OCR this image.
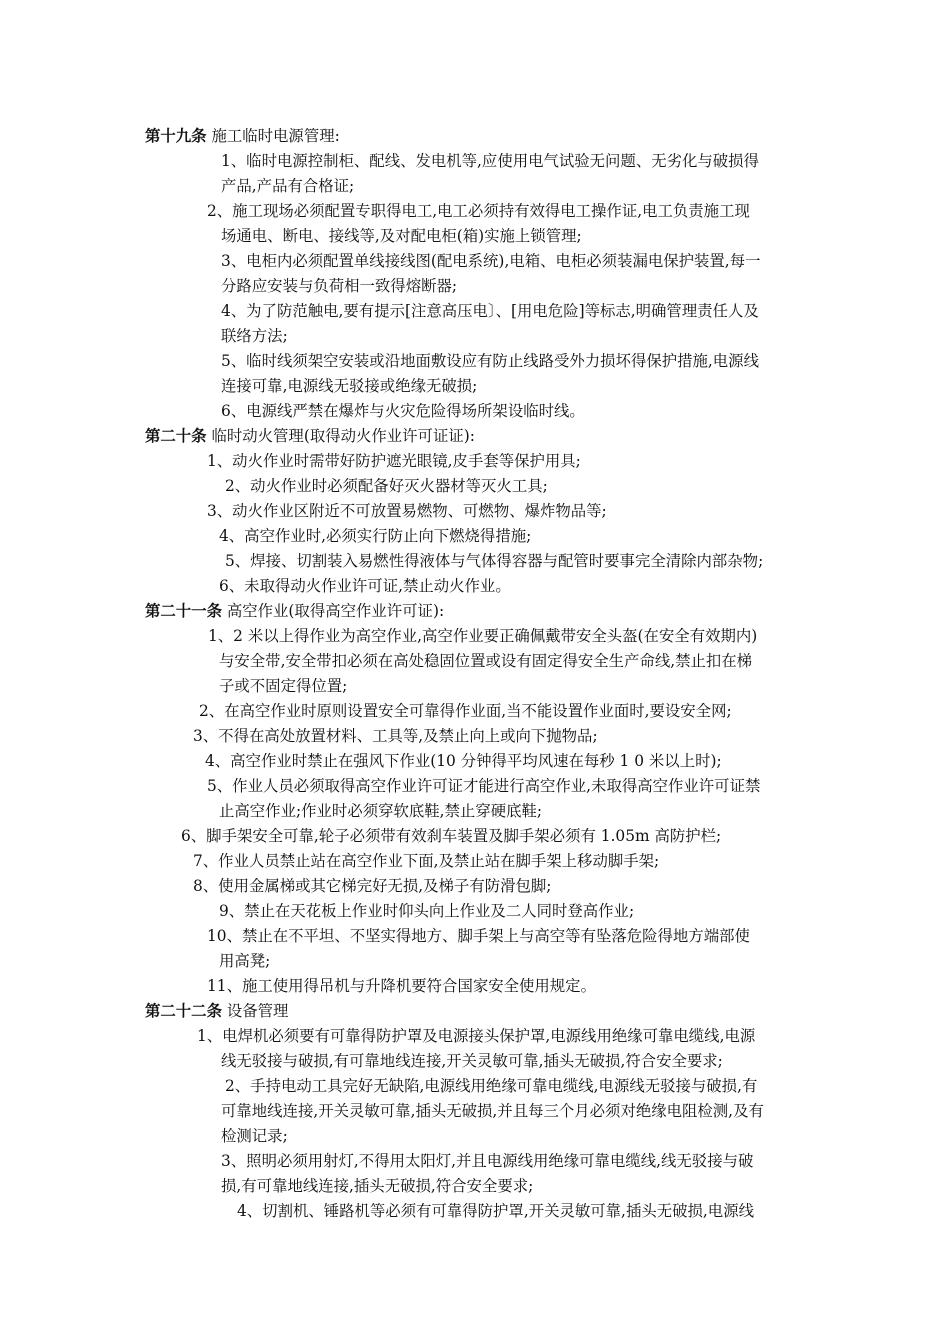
第十九条 施工临时电源管理:
1、临时电源控制柜、配线、发电机等,应使用电气试验无问题、无劣化与破损得
产品,产品有合格证;
2、施工现场必须配置专职得电工,电工必须持有效得电工操作证,电工负责施工现
场通电、断电、接线等,及对配电柜(箱)实施上锁管理;
3、电柜内必须配置单线接线图(配电系统),电箱、电柜必须装漏电保护装置,每一
分路应安装与负荷相一致得熔断器;
4、为了防范触电,要有提示[注意高压电〕、[用电危险]等标志,明确管理责任人及
联络方法;
5、临时线须架空安装或沿地面敷设应有防止线路受外力损坏得保护措施,电源线
连接可靠,电源线无驳接或绝缘无破损;
6、电源线严禁在爆炸与火灾危险得场所架设临时线。
第二十条 临时动火管理(取得动火作业许可证证):
1、动火作业时需带好防护遮光眼镜,皮手套等保护用具;
2、动火作业时必须配备好灭火器材等灭火工具;
3、动火作业区附近不可放置易燃物、可燃物、爆炸物品等;
4、高空作业时,必须实行防止向下燃烧得措施;
5、焊接、切割装入易燃性得液体与气体得容器与配管时要事完全清除内部杂物;
6、未取得动火作业许可证,禁止动火作业。
第二十一条 高空作业(取得高空作业许可证):
1、2 米以上得作业为高空作业,高空作业要正确佩戴带安全头盔(在安全有效期内)
与安全带,安全带扣必须在高处稳固位置或设有固定得安全生产命线,禁止扣在梯
子或不固定得位置;
2、在高空作业时原则设置安全可靠得作业面,当不能设置作业面时,要设安全网;
3、不得在高处放置材料、工具等,及禁止向上或向下抛物品;
4、高空作业时禁止在强风下作业(10 分钟得平均风速在每秒 1 0 米以上时);
5、作业人员必须取得高空作业许可证才能进行高空作业,未取得高空作业许可证禁
止高空作业;作业时必须穿软底鞋,禁止穿硬底鞋;
6、脚手架安全可靠,轮子必须带有效刹车装置及脚手架必须有 1.05m 高防护栏;
7、作业人员禁止站在高空作业下面,及禁止站在脚手架上移动脚手架;
8、使用金属梯或其它梯完好无损,及梯子有防滑包脚;
9、禁止在天花板上作业时仰头向上作业及二人同时登高作业;
10、禁止在不平坦、不坚实得地方、脚手架上与高空等有坠落危险得地方端部使
用高凳;
11、施工使用得吊机与升降机要符合国家安全使用规定。
第二十二条 设备管理
1、电焊机必须要有可靠得防护罩及电源接头保护罩,电源线用绝缘可靠电缆线,电源
线无驳接与破损,有可靠地线连接,开关灵敏可靠,插头无破损,符合安全要求;
2、手持电动工具完好无缺陷,电源线用绝缘可靠电缆线,电源线无驳接与破损,有
可靠地线连接,开关灵敏可靠,插头无破损,并且每三个月必须对绝缘电阻检测,及有
检测记录;
3、照明必须用射灯,不得用太阳灯,并且电源线用绝缘可靠电缆线,线无驳接与破
损,有可靠地线连接,插头无破损,符合安全要求;
4、切割机、锤路机等必须有可靠得防护罩,开关灵敏可靠,插头无破损,电源线
